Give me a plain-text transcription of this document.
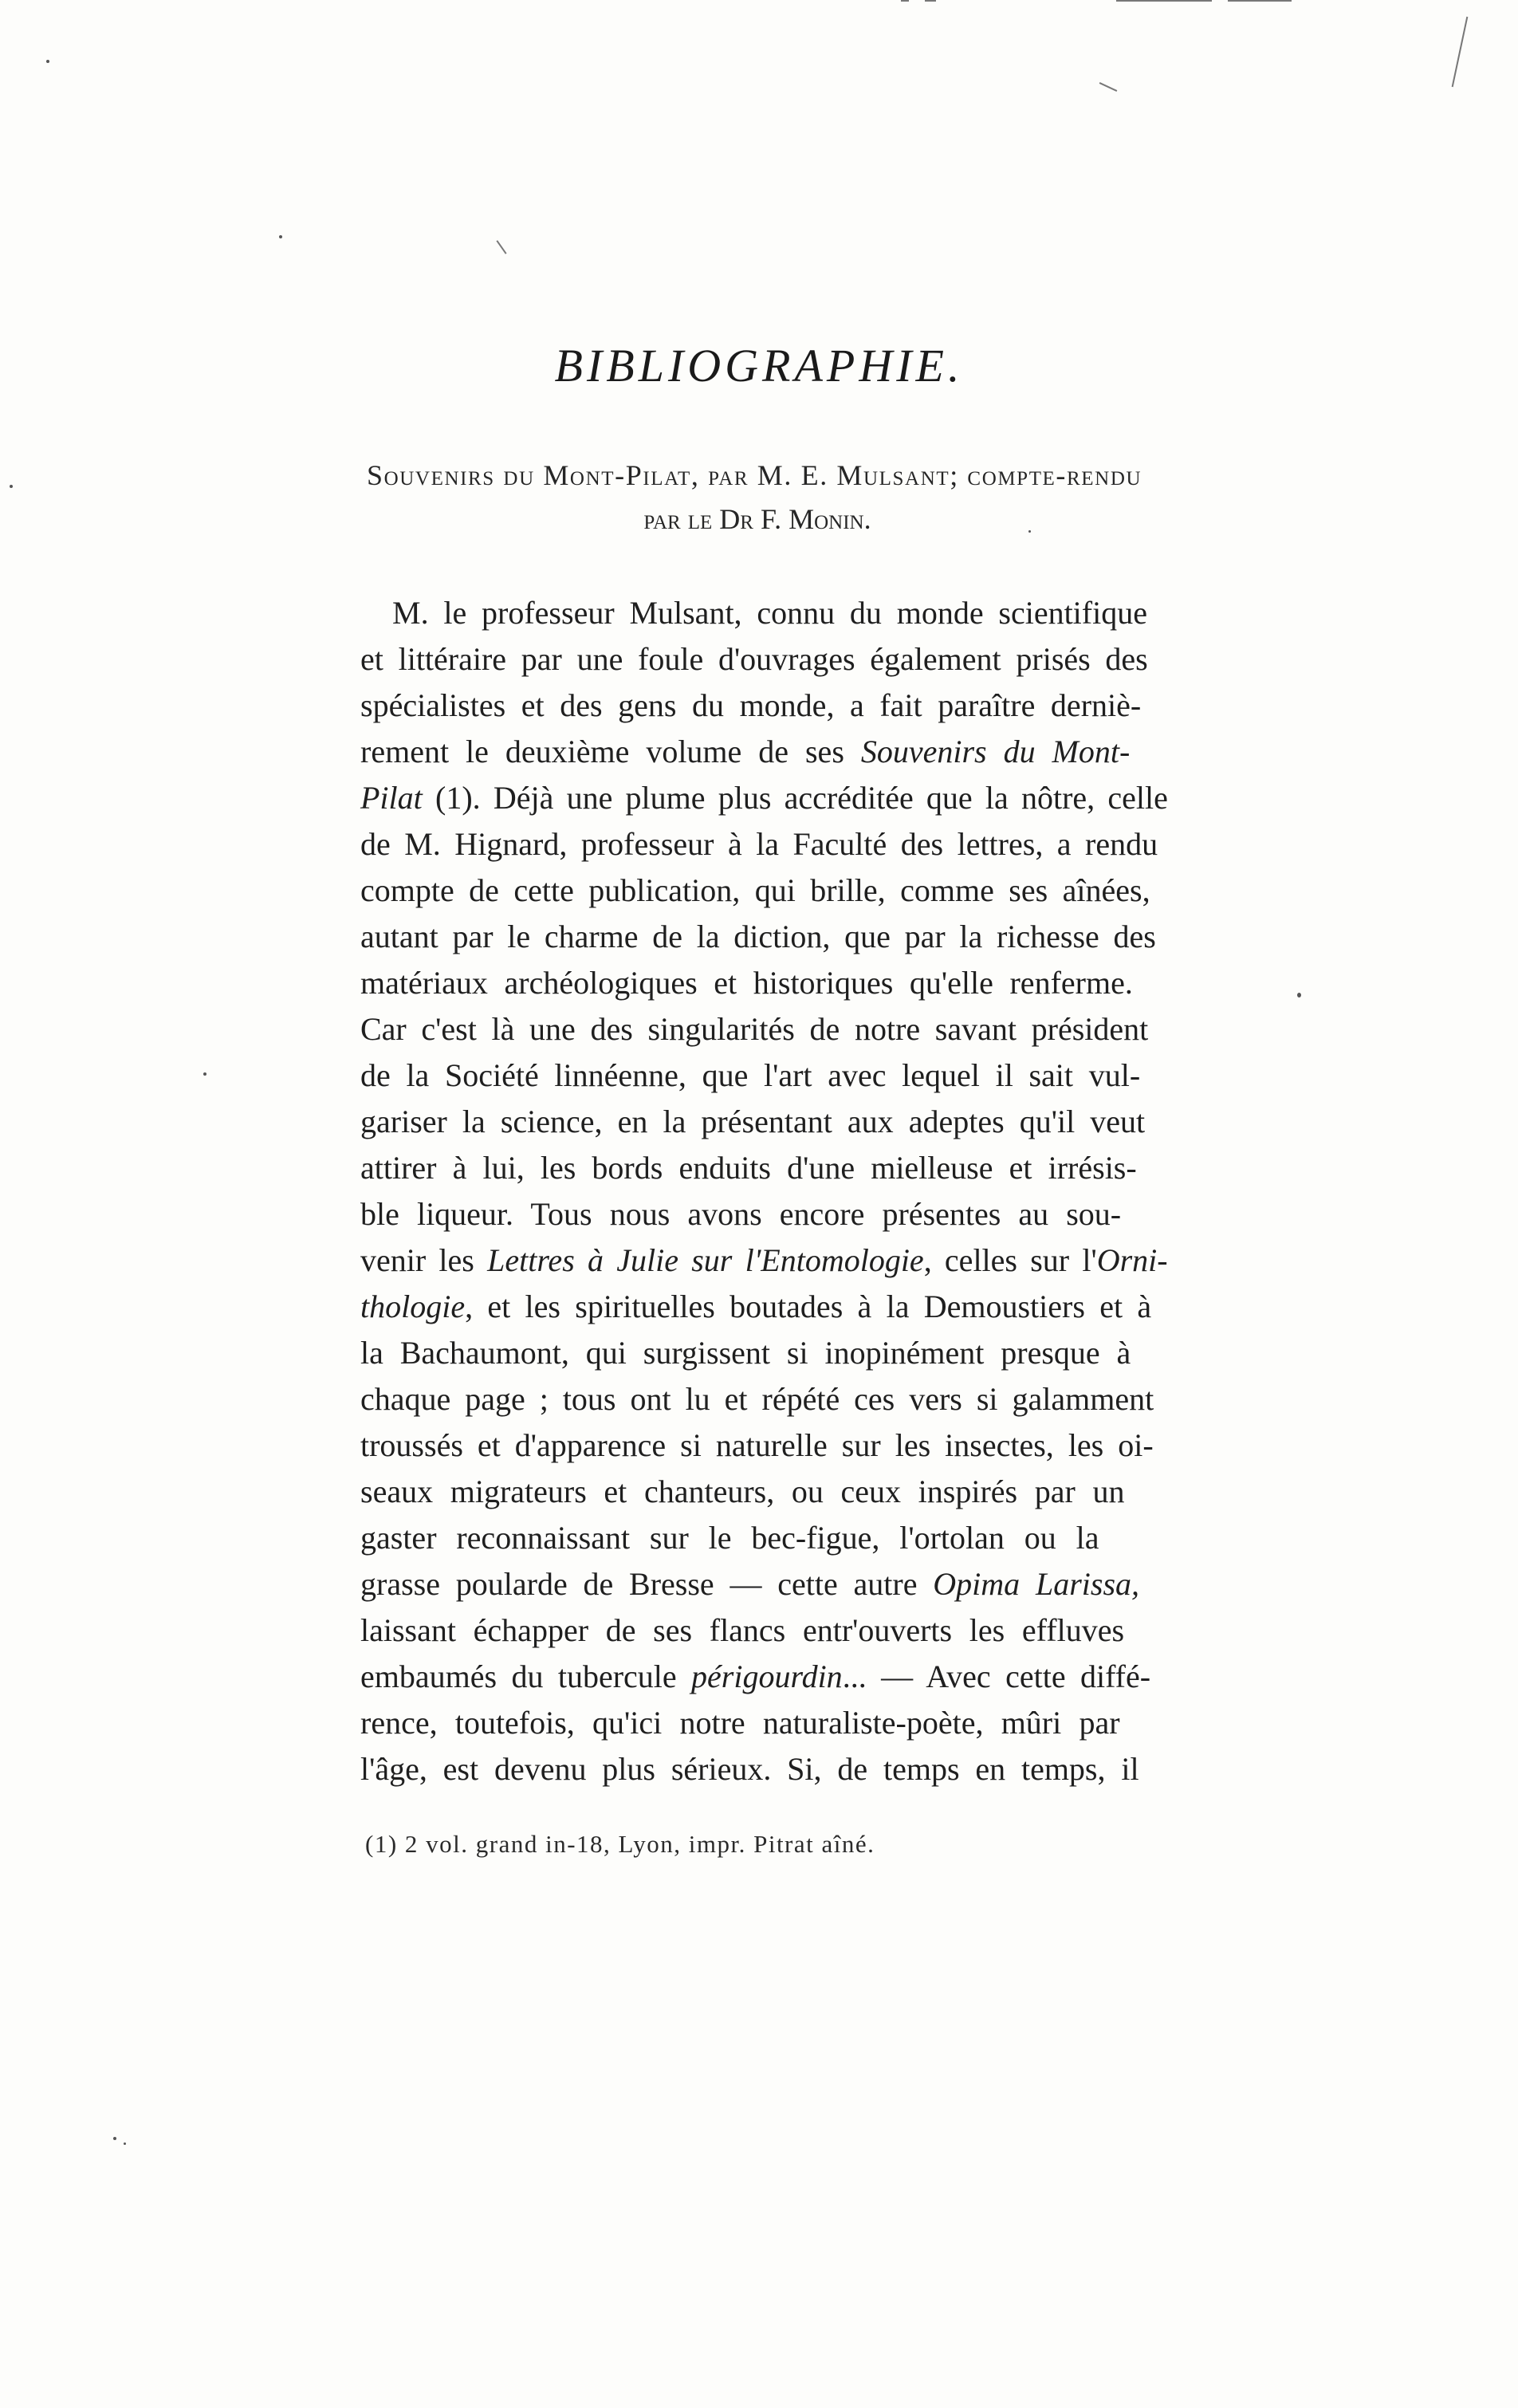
BIBLIOGRAPHIE.
Souvenirs du Mont-Pilat, par M. E. Mulsant; compte-rendu
par le Dr F. Monin.
M. le professeur Mulsant, connu du monde scientifique
et littéraire par une foule d'ouvrages également prisés des
spécialistes et des gens du monde, a fait paraître derniè-
rement le deuxième volume de ses Souvenirs du Mont-
Pilat (1). Déjà une plume plus accréditée que la nôtre, celle
de M. Hignard, professeur à la Faculté des lettres, a rendu
compte de cette publication, qui brille, comme ses aînées,
autant par le charme de la diction, que par la richesse des
matériaux archéologiques et historiques qu'elle renferme.
Car c'est là une des singularités de notre savant président
de la Société linnéenne, que l'art avec lequel il sait vul-
gariser la science, en la présentant aux adeptes qu'il veut
attirer à lui, les bords enduits d'une mielleuse et irrésis-
ble liqueur. Tous nous avons encore présentes au sou-
venir les Lettres à Julie sur l'Entomologie, celles sur l'Orni-
thologie, et les spirituelles boutades à la Demoustiers et à
la Bachaumont, qui surgissent si inopinément presque à
chaque page ; tous ont lu et répété ces vers si galamment
troussés et d'apparence si naturelle sur les insectes, les oi-
seaux migrateurs et chanteurs, ou ceux inspirés par un
gaster reconnaissant sur le bec-figue, l'ortolan ou la
grasse poularde de Bresse — cette autre Opima Larissa,
laissant échapper de ses flancs entr'ouverts les effluves
embaumés du tubercule périgourdin... — Avec cette diffé-
rence, toutefois, qu'ici notre naturaliste-poète, mûri par
l'âge, est devenu plus sérieux. Si, de temps en temps, il
(1) 2 vol. grand in-18, Lyon, impr. Pitrat aîné.
